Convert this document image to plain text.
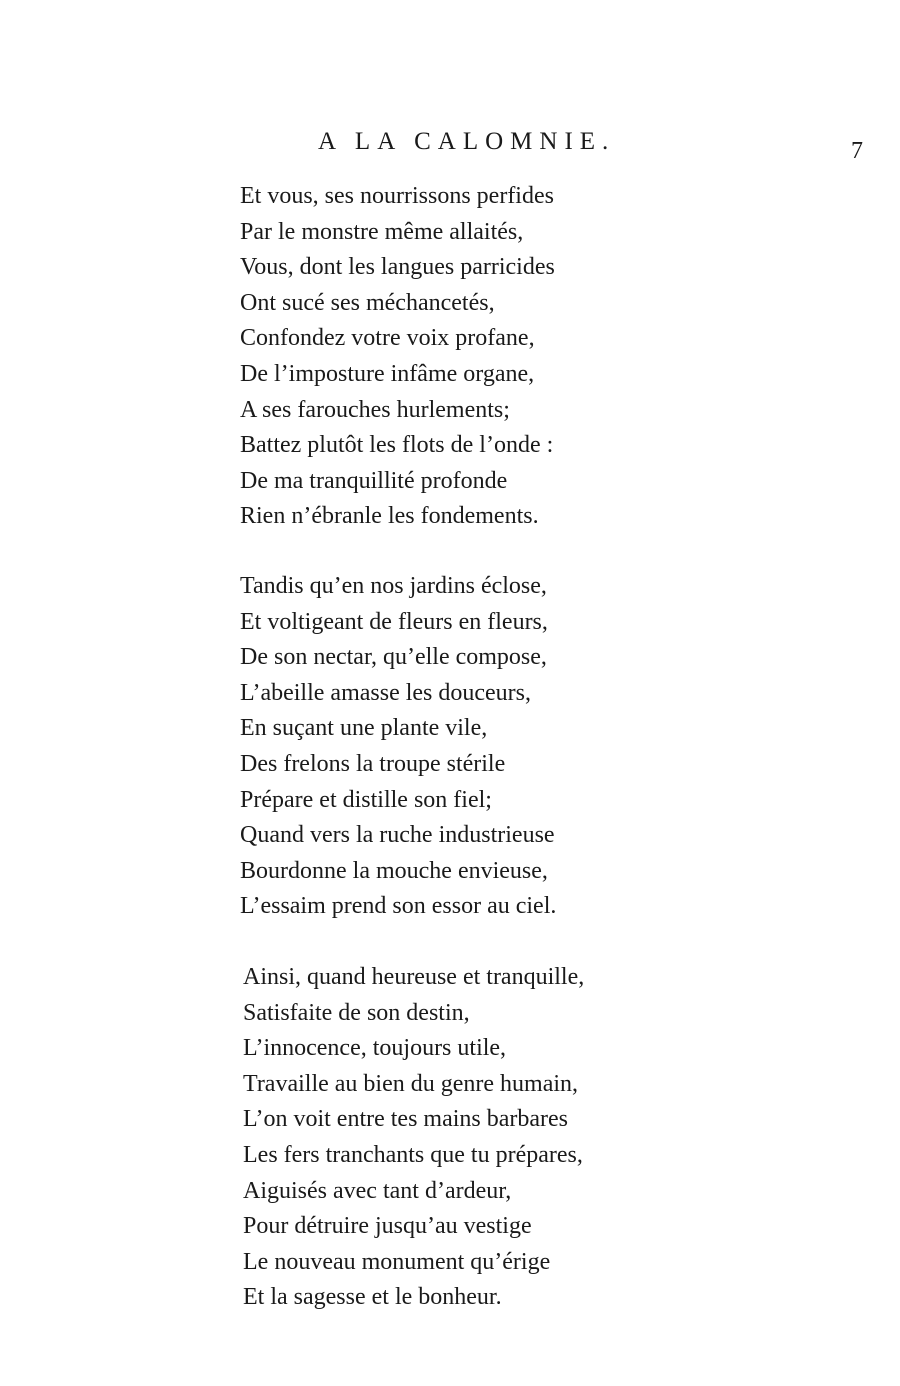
A LA CALOMNIE.	7
Et vous, ses nourrissons perfides
Par le monstre même allaités,
Vous, dont les langues parricides
Ont sucé ses méchancetés,
Confondez votre voix profane,
De l’imposture infâme organe,
A ses farouches hurlements;
Battez plutôt les flots de l’onde :
De ma tranquillité profonde
Rien n’ébranle les fondements.
Tandis qu’en nos jardins éclose,
Et voltigeant de fleurs en fleurs,
De son nectar, qu’elle compose,
L’abeille amasse les douceurs,
En suçant une plante vile,
Des frelons la troupe stérile
Prépare et distille son fiel;
Quand vers la ruche industrieuse
Bourdonne la mouche envieuse,
L’essaim prend son essor au ciel.
Ainsi, quand heureuse et tranquille,
Satisfaite de son destin,
L’innocence, toujours utile,
Travaille au bien du genre humain,
L’on voit entre tes mains barbares
Les fers tranchants que tu prépares,
Aiguisés avec tant d’ardeur,
Pour détruire jusqu’au vestige
Le nouveau monument qu’érige
Et la sagesse et le bonheur.
